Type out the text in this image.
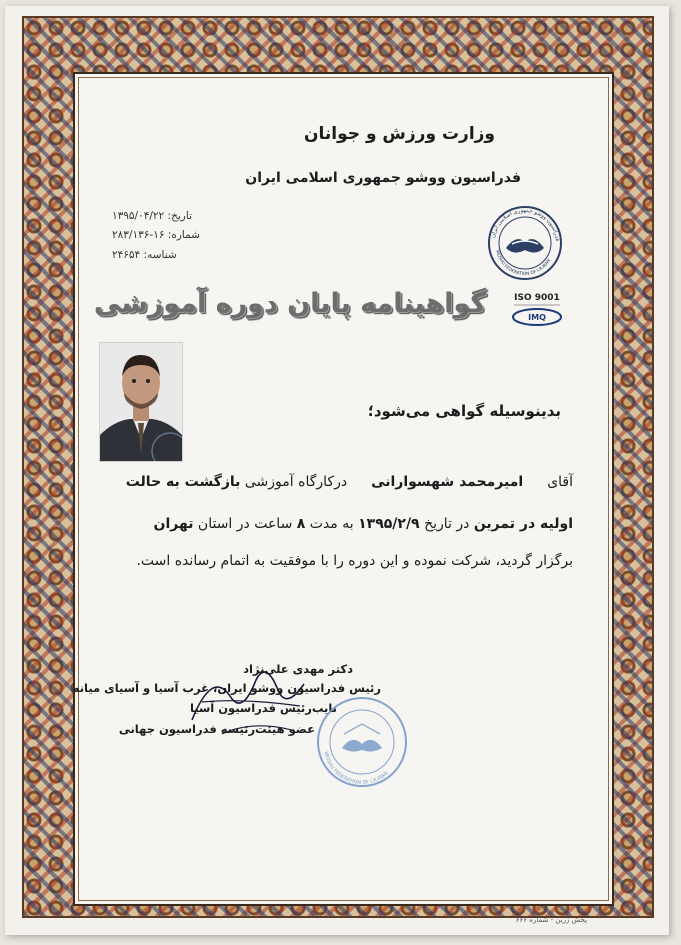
وزارت ورزش و جوانان
فدراسیون ووشو جمهوری اسلامی ایران
تاریخ: ۱۳۹۵/۰۴/۲۲
شماره: ۱۶-۲۸۳/۱۳۶
شناسه: ۲۴۶۵۴
فدراسیون ووشو جمهوری اسلامی ایران
WUSHU FEDERATION OF I.R.IRAN
ISO 9001
IMQ
گواهینامه پایان دوره آموزشی
بدینوسیله گواهی می‌شود؛
آقایامیرمحمد شهسوارانیدرکارگاه آموزشی بازگشت به حالت
اولیه در تمرین در تاریخ ۱۳۹۵/۲/۹ به مدت ۸ ساعت در استان تهران
برگزار گردید، شرکت نموده و این دوره را با موفقیت به اتمام رسانده است.
دکتر مهدی علی‌نژاد
رئیس فدراسیون ووشو ایران، غرب آسیا و آسیای میانه
نایب‌رئیس فدراسیون آسیا
عضو هیئت‌رئیسه فدراسیون جهانی
WUSHU FEDERATION OF I.R.IRAN
پخش زرین - شماره ۶۶۶
